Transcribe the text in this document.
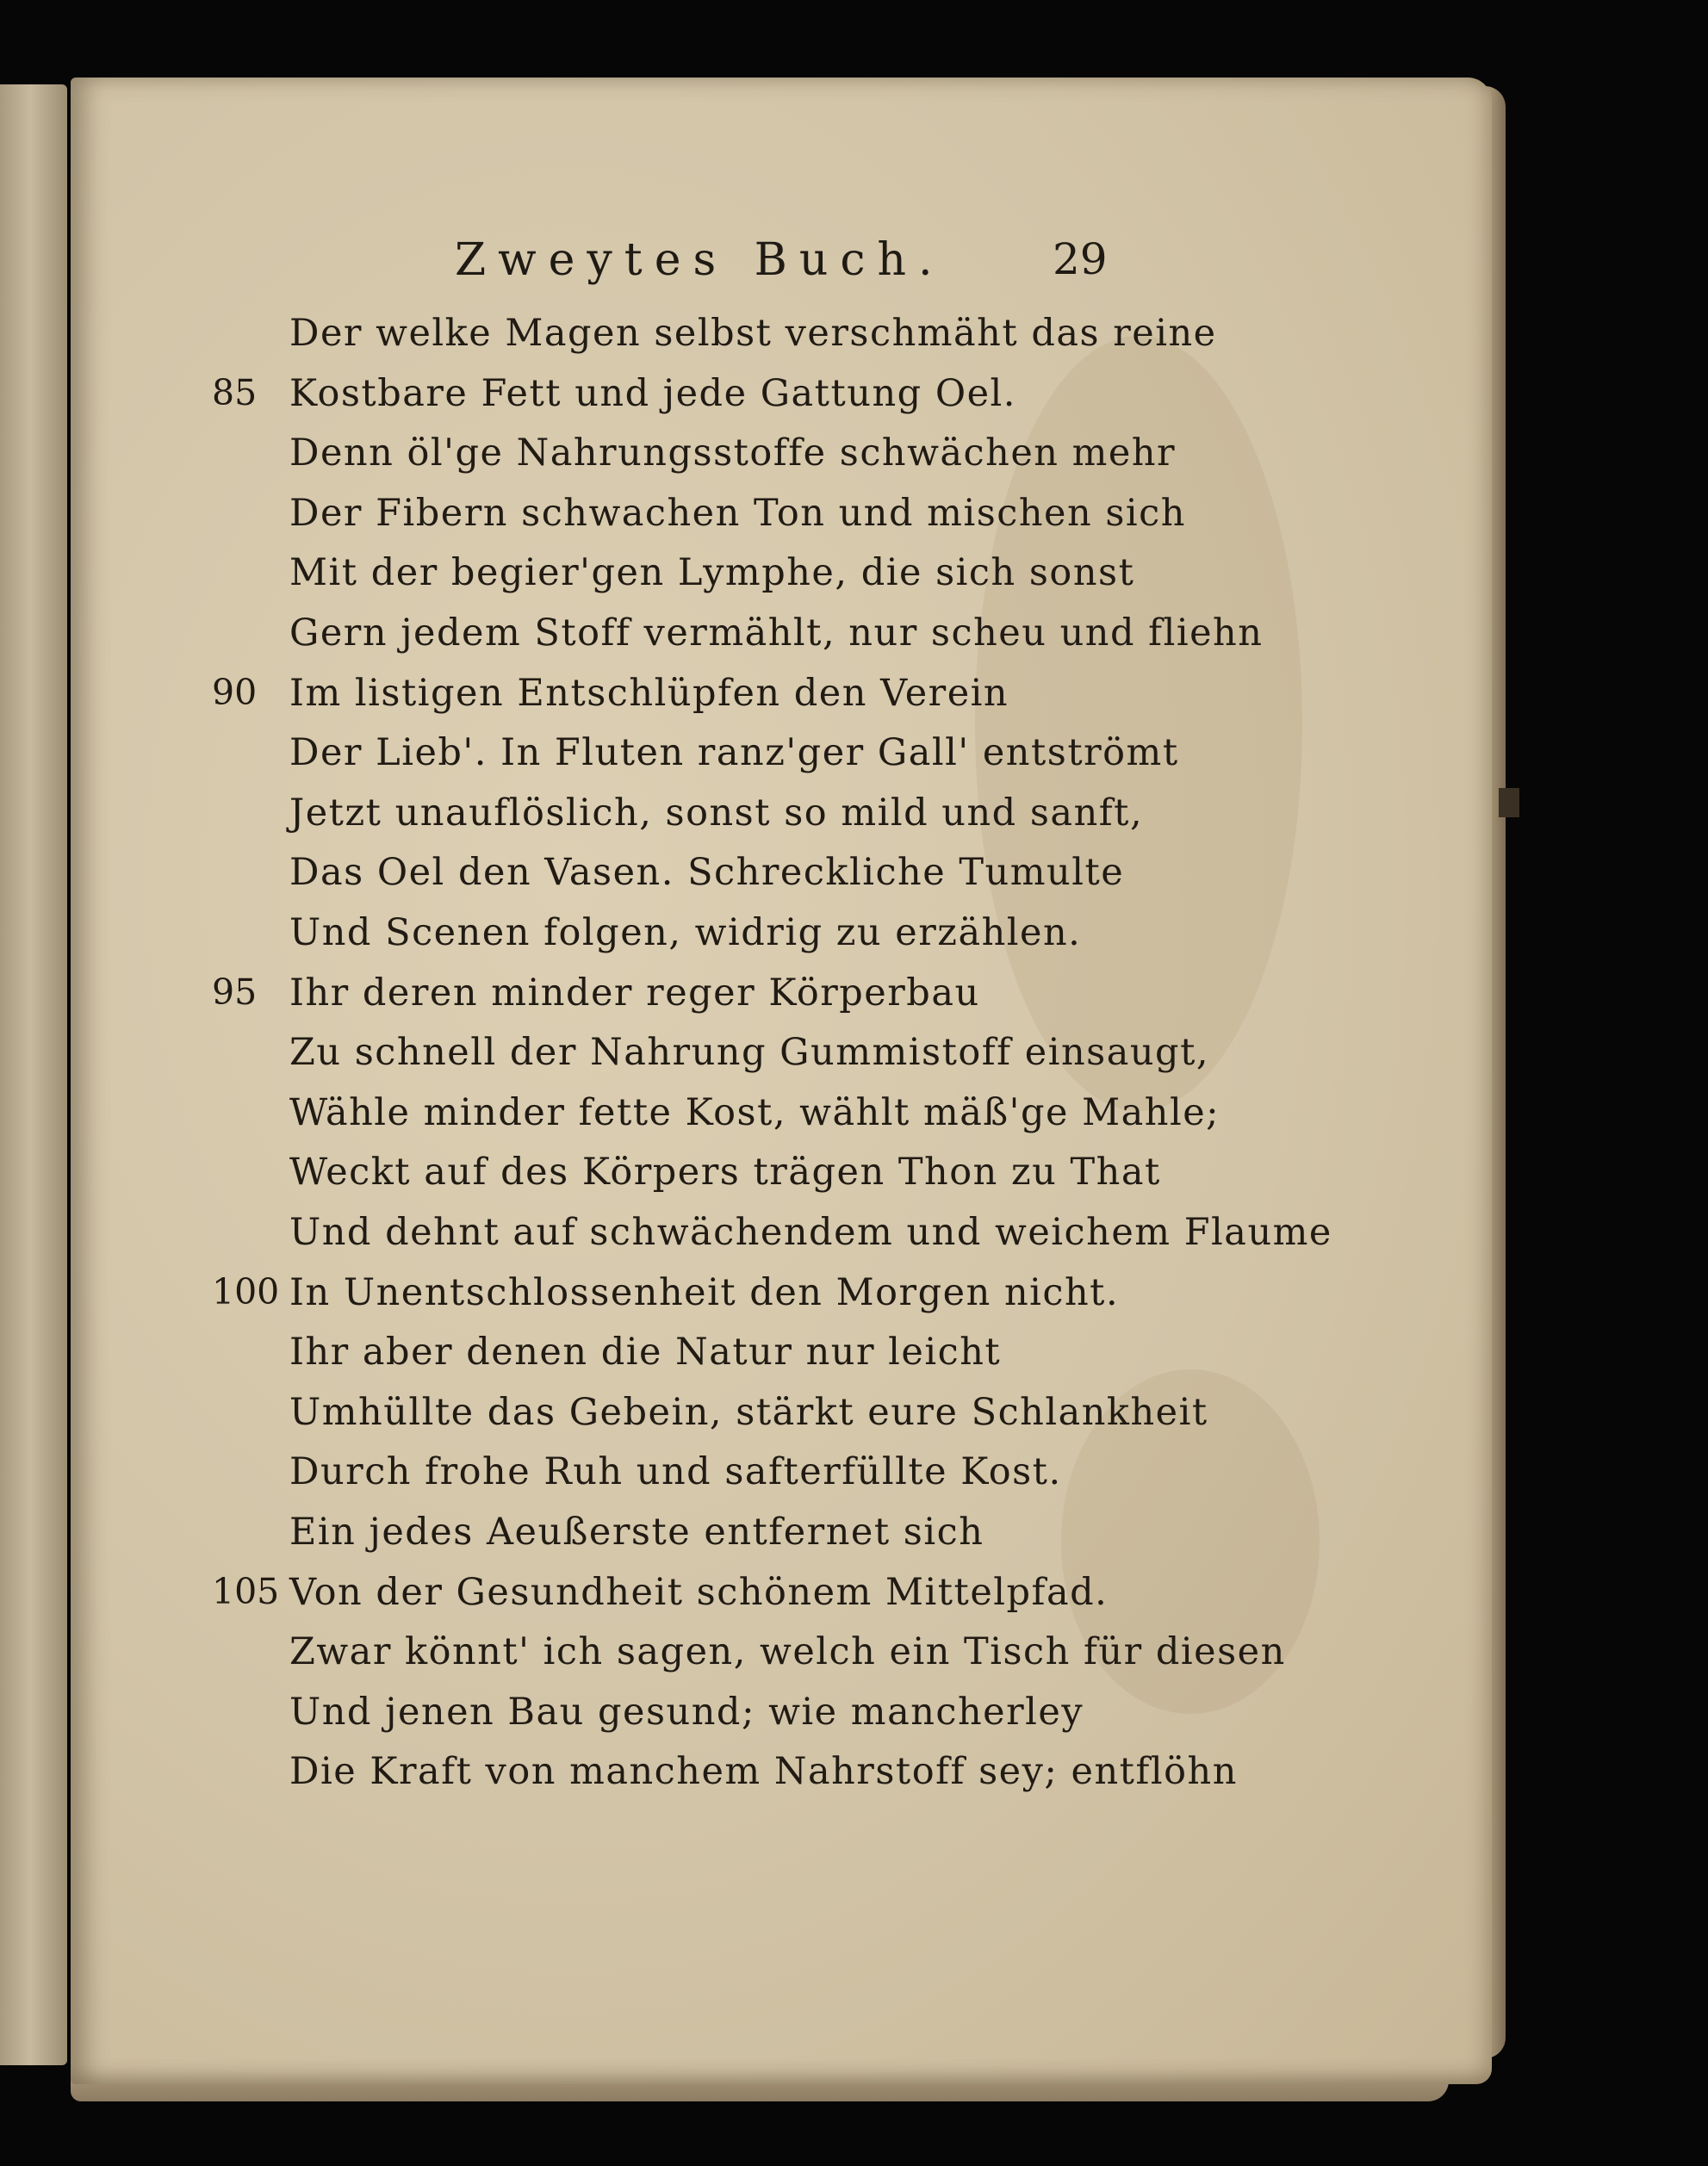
Zweytes Buch.	29
Der welke Magen selbst verschmäht das reine
85 Kostbare Fett und jede Gattung Oel.
Denn öl'ge Nahrungsstoffe schwächen mehr
Der Fibern schwachen Ton und mischen sich
Mit der begier'gen Lymphe, die sich sonst
Gern jedem Stoff vermählt, nur scheu und fliehn
90 Im listigen Entschlüpfen den Verein
Der Lieb'. In Fluten ranz'ger Gall' entströmt
Jetzt unauflöslich, sonst so mild und sanft,
Das Oel den Vasen. Schreckliche Tumulte
Und Scenen folgen, widrig zu erzählen.
95 Ihr deren minder reger Körperbau
Zu schnell der Nahrung Gummistoff einsaugt,
Wähle minder fette Kost, wählt mäß'ge Mahle;
Weckt auf des Körpers trägen Thon zu That
Und dehnt auf schwächendem und weichem Flaume
100 In Unentschlossenheit den Morgen nicht.
Ihr aber denen die Natur nur leicht
Umhüllte das Gebein, stärkt eure Schlankheit
Durch frohe Ruh und safterfüllte Kost.
Ein jedes Aeußerste entfernet sich
105 Von der Gesundheit schönem Mittelpfad.
Zwar könnt' ich sagen, welch ein Tisch für diesen
Und jenen Bau gesund; wie mancherley
Die Kraft von manchem Nahrstoff sey; entflöhn
